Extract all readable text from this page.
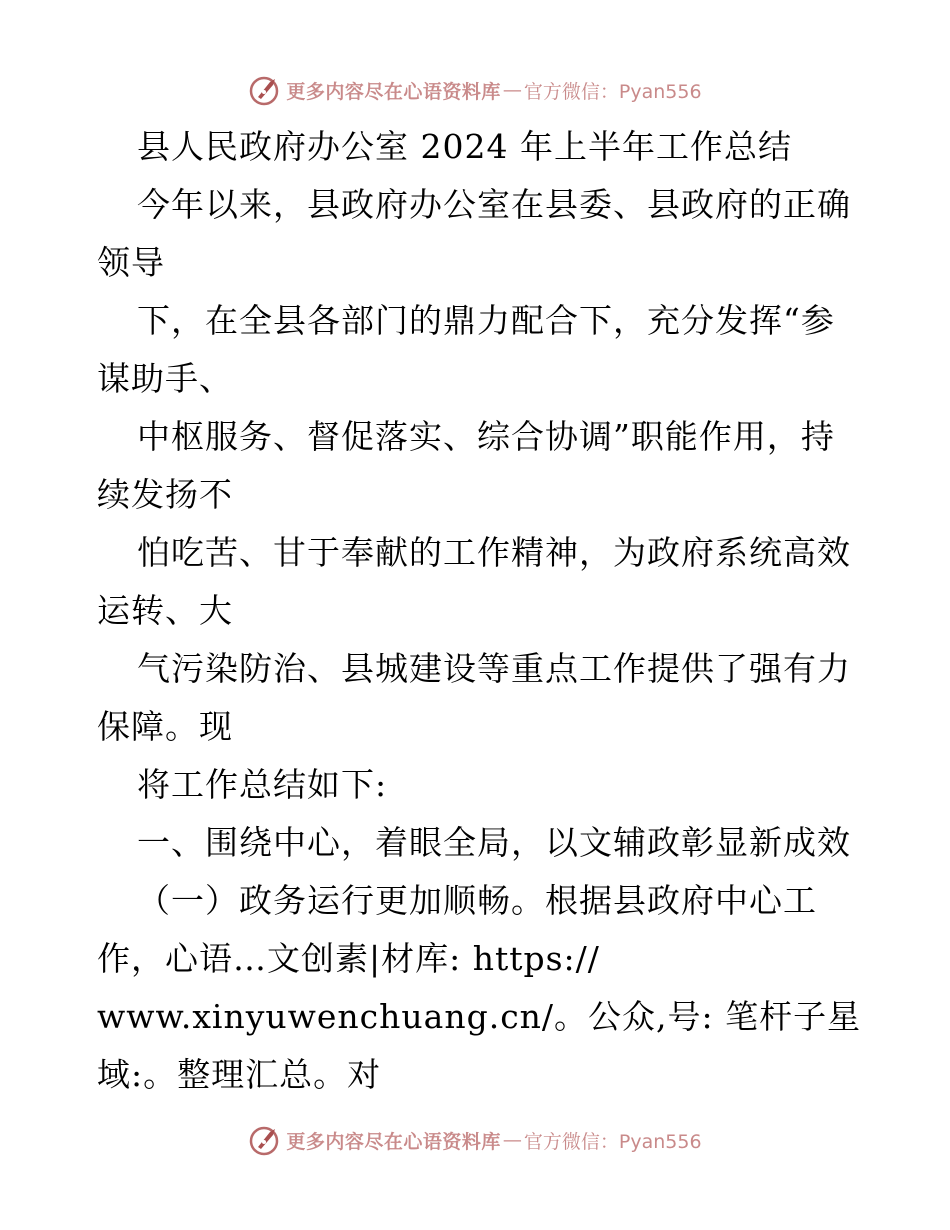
更多内容尽在心语资料库 — 官方微信：Pyan556
县人民政府办公室 2024 年上半年工作总结
今年以来，县政府办公室在县委、县政府的正确
领导
下，在全县各部门的鼎力配合下，充分发挥“参
谋助手、
中枢服务、督促落实、综合协调”职能作用，持
续发扬不
怕吃苦、甘于奉献的工作精神，为政府系统高效
运转、大
气污染防治、县城建设等重点工作提供了强有力
保障。现
将工作总结如下:
一、围绕中心，着眼全局，以文辅政彰显新成效
（一）政务运行更加顺畅。根据县政府中心工
作，心语…文创素|材库: https://
www.xinyuwenchuang.cn/。公众,号: 笔杆子星
域:。整理汇总。对
更多内容尽在心语资料库 — 官方微信：Pyan556
